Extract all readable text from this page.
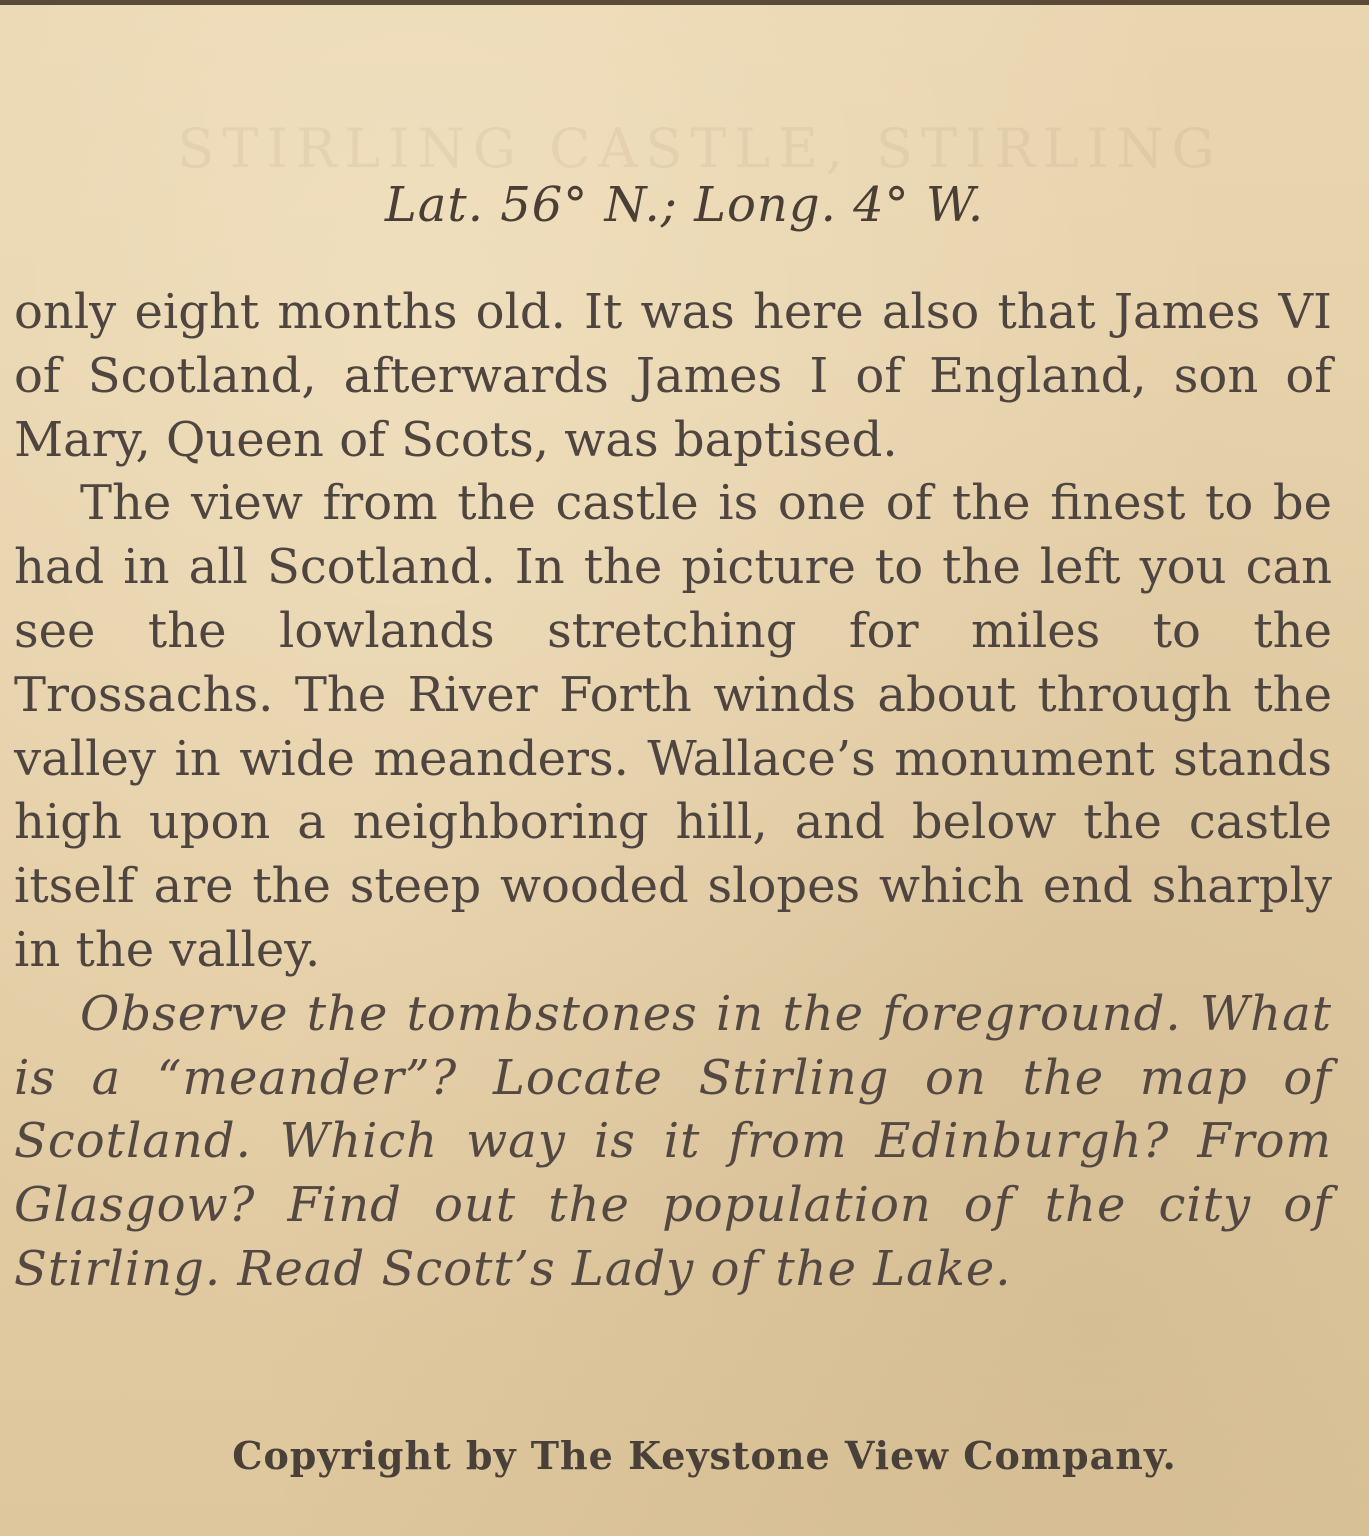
STIRLING CASTLE, STIRLING
Lat. 56° N.; Long. 4° W.

only eight months old. It was here also that James VI of Scotland, afterwards James I of England, son of Mary, Queen of Scots, was baptised.

The view from the castle is one of the finest to be had in all Scotland. In the picture to the left you can see the lowlands stretching for miles to the Trossachs. The River Forth winds about through the valley in wide meanders. Wallace’s monument stands high upon a neighboring hill, and below the castle itself are the steep wooded slopes which end sharply in the valley.

Observe the tombstones in the foreground. What is a “meander”? Locate Stirling on the map of Scotland. Which way is it from Edinburgh? From Glasgow? Find out the population of the city of Stirling. Read Scott’s Lady of the Lake.

Copyright by The Keystone View Company.
